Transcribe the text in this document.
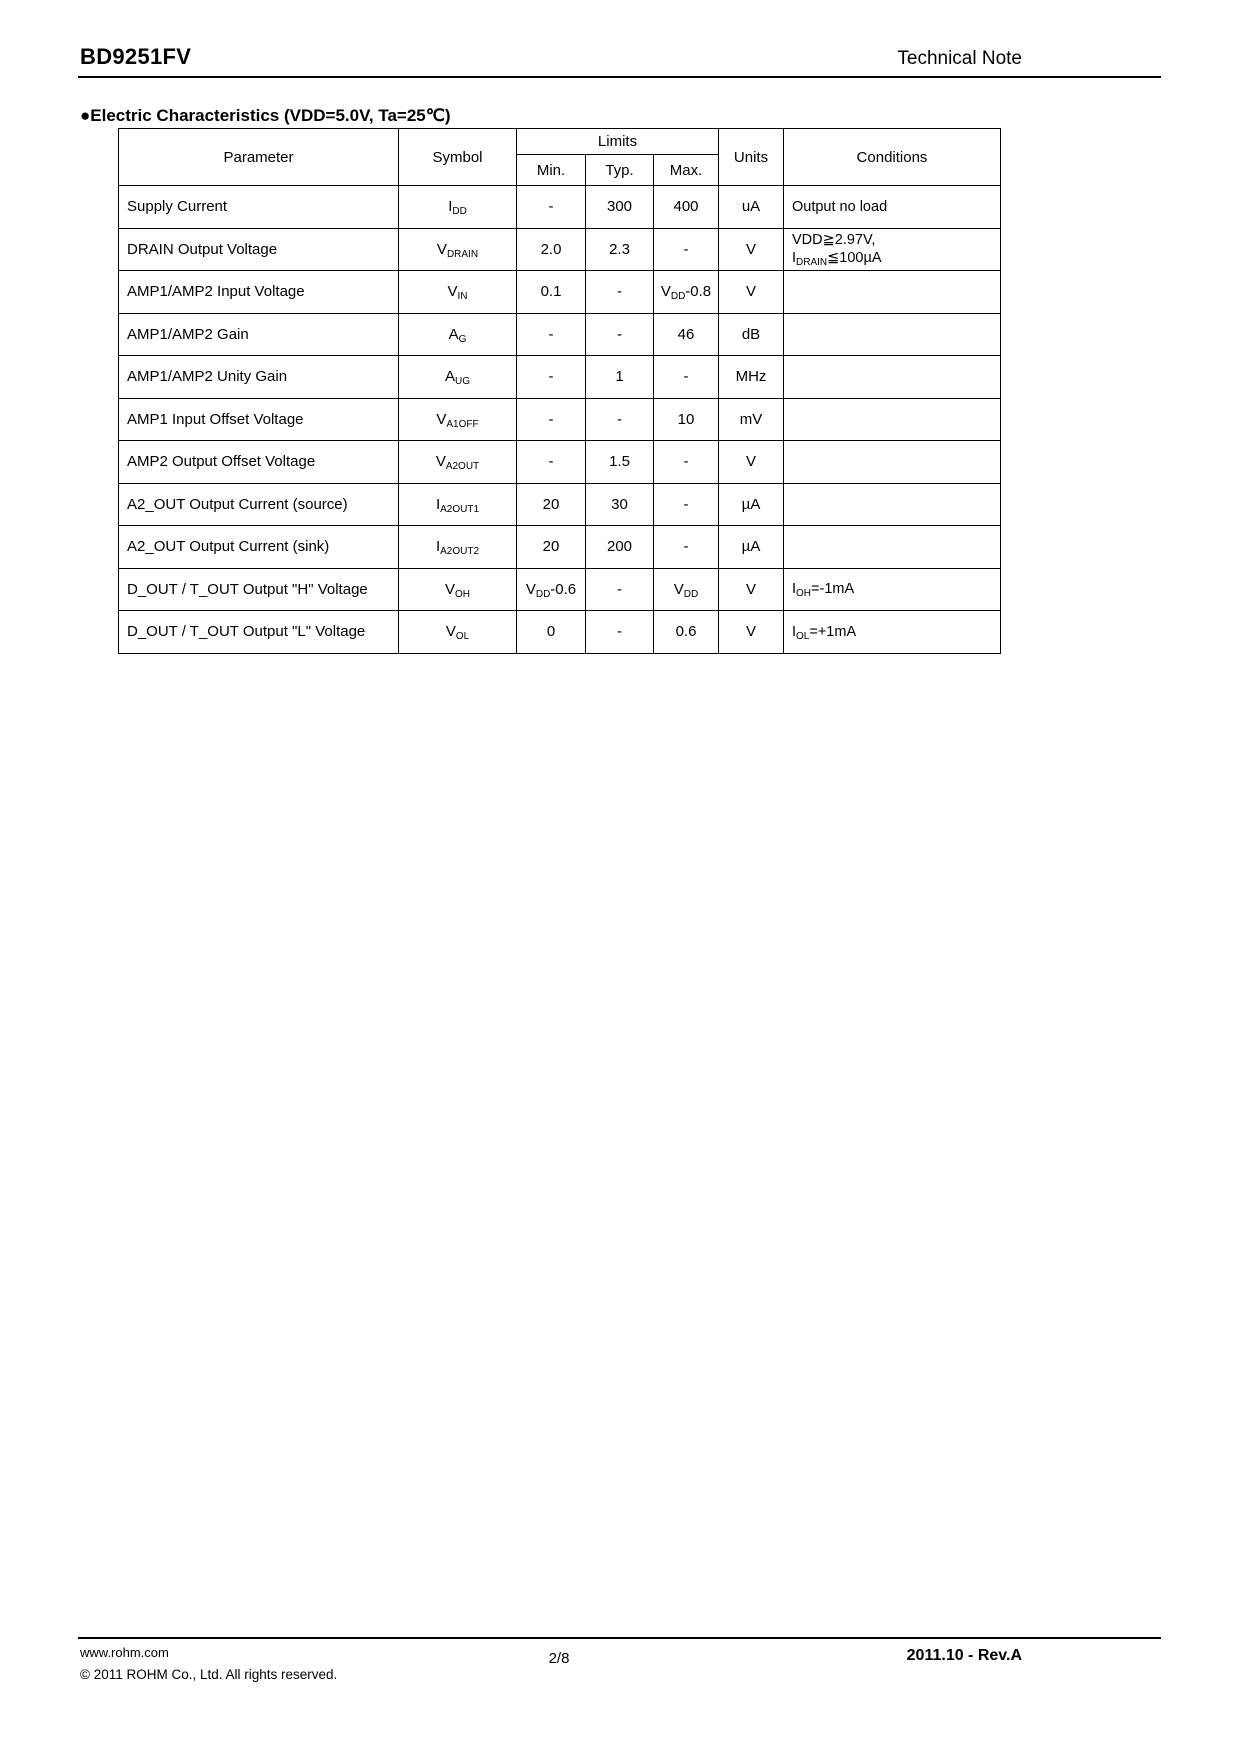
BD9251FV	Technical Note
●Electric Characteristics (VDD=5.0V, Ta=25℃)
Parameter	Symbol	Limits			Units	Conditions
		Min.	Typ.	Max.		
Supply Current	$I_{DD}$	-	300	400	uA	Output no load
DRAIN Output Voltage	$V_{DRAIN}$	2.0	2.3	-	V	VDD≧2.97V,
$I_{DRAIN}≦100\mu A$
AMP1/AMP2 Input Voltage	$V_{IN}$	0.1	-	$V_{DD}-0.8$	V	
AMP1/AMP2 Gain	$A_G$	-	-	46	dB	
AMP1/AMP2 Unity Gain	$A_{UG}$	-	1	-	MHz	
AMP1 Input Offset Voltage	$V_{A1OFF}$	-	-	10	mV	
AMP2 Output Offset Voltage	$V_{A2OUT}$	-	1.5	-	V	
A2_OUT Output Current (source)	$I_{A2OUT1}$	20	30	-	µA	
A2_OUT Output Current (sink)	$I_{A2OUT2}$	20	200	-	µA	
D_OUT / T_OUT Output "H" Voltage	$V_{OH}$	$V_{DD}-0.6$	-	$V_{DD}$	V	$I_{OH}=-1mA$
D_OUT / T_OUT Output "L" Voltage	$V_{OL}$	0	-	0.6	V	$I_{OL}=+1mA$
www.rohm.com
© 2011 ROHM Co., Ltd. All rights reserved.
2/8	2011.10 - Rev.A
